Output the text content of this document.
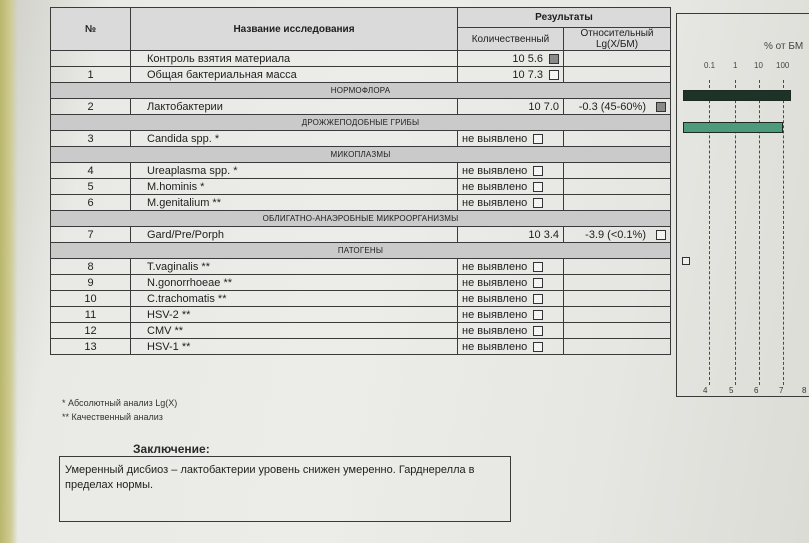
№	Название исследования	Результаты	
		Количественный	Относительный
Lg(X/БМ)
	Контроль взятия материала	10 5.6	
1	Общая бактериальная масса	10 7.3	
НОРМОФЛОРА			
2	Лактобактерии	10 7.0	-0.3 (45-60%)
ДРОЖЖЕПОДОБНЫЕ ГРИБЫ			
3	Candida spp. *	не выявлено	
МИКОПЛАЗМЫ			
4	Ureaplasma spp. *	не выявлено	
5	M.hominis *	не выявлено	
6	M.genitalium **	не выявлено	
ОБЛИГАТНО-АНАЭРОБНЫЕ МИКРООРГАНИЗМЫ			
7	Gard/Pre/Porph	10 3.4	-3.9 (<0.1%)
ПАТОГЕНЫ			
8	T.vaginalis **	не выявлено	
9	N.gonorrhoeae **	не выявлено	
10	C.trachomatis **	не выявлено	
11	HSV-2 **	не выявлено	
12	CMV **	не выявлено	
13	HSV-1 **	не выявлено	
% от БМ
0.1 1 10 100
4	5	6	7 8
* Абсолютный анализ Lg(X)
** Качественный анализ
Заключение:
Умеренный дисбиоз – лактобактерии уровень снижен умеренно. Гарднерелла в
пределах нормы.
